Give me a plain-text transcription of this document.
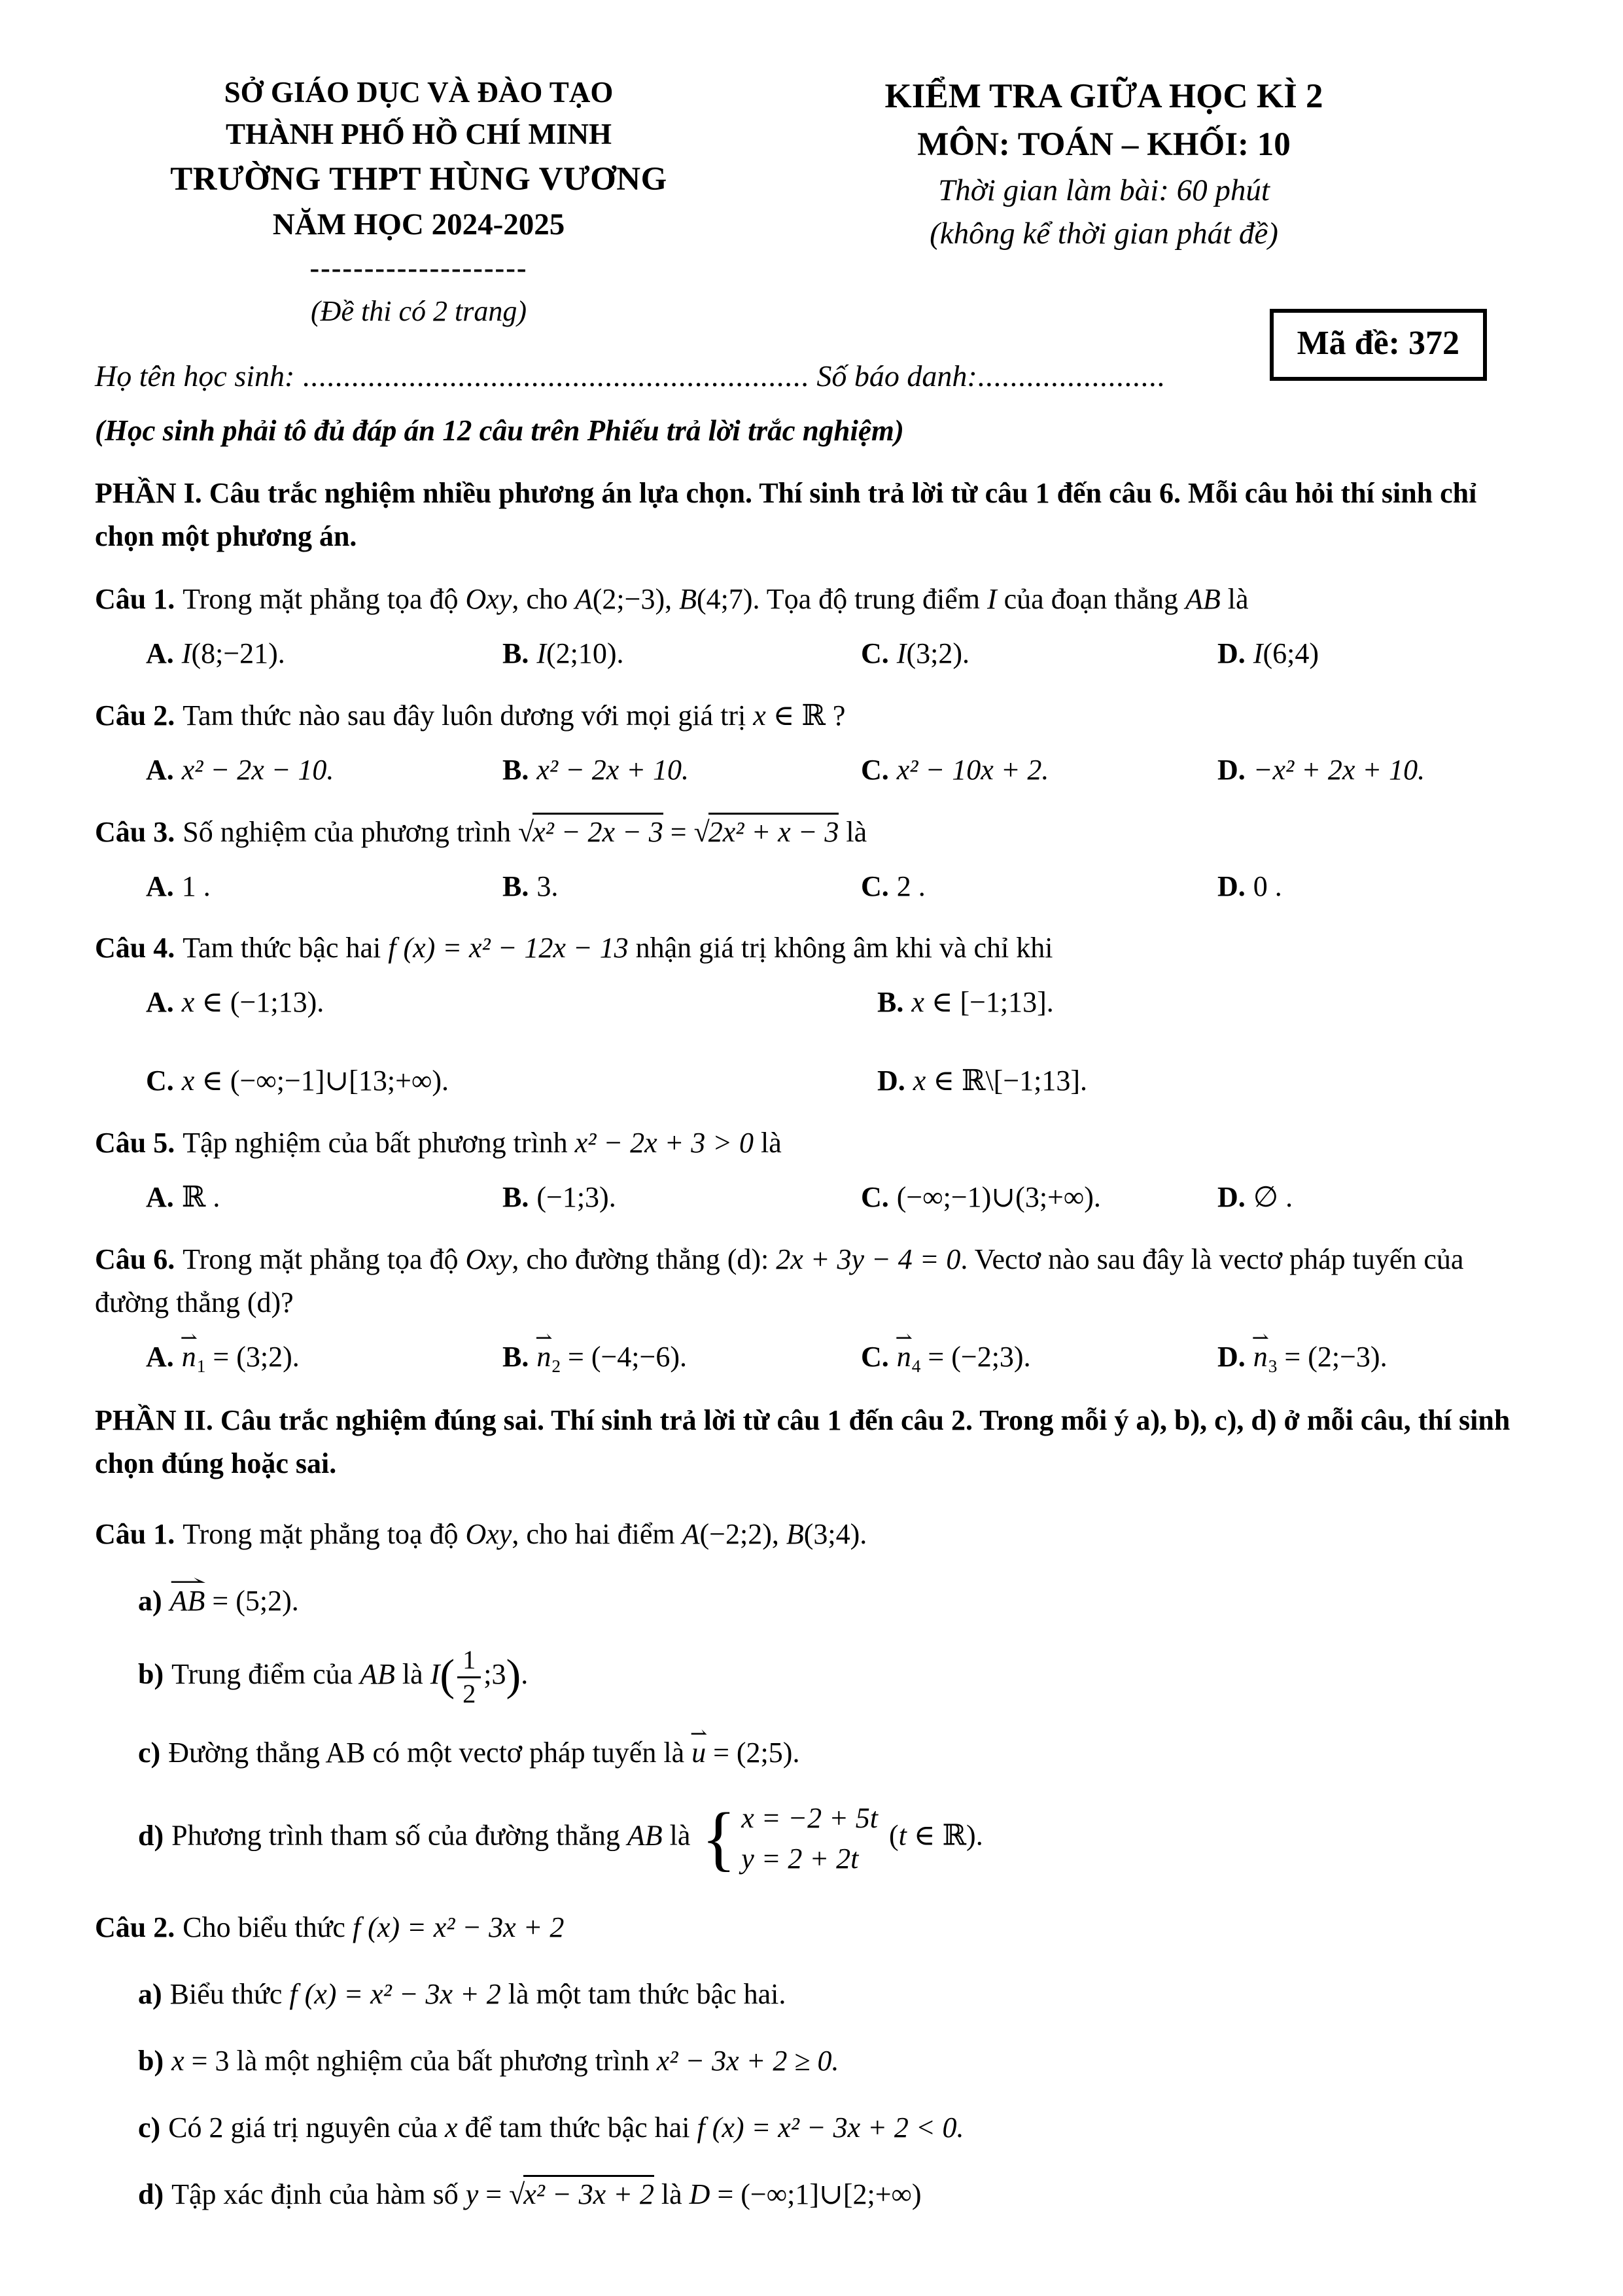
SỞ GIÁO DỤC VÀ ĐÀO TẠO
THÀNH PHỐ HỒ CHÍ MINH
TRƯỜNG THPT HÙNG VƯƠNG
NĂM HỌC 2024-2025
--------------------
(Đề thi có 2 trang)
KIỂM TRA GIỮA HỌC KÌ 2
MÔN: TOÁN – KHỐI: 10
Thời gian làm bài: 60 phút
(không kể thời gian phát đề)
Mã đề: 372
Họ tên học sinh: .............................................................. Số báo danh:.......................
(Học sinh phải tô đủ đáp án 12 câu trên Phiếu trả lời trắc nghiệm)
PHẦN I. Câu trắc nghiệm nhiều phương án lựa chọn. Thí sinh trả lời từ câu 1 đến câu 6. Mỗi câu hỏi thí sinh chỉ chọn một phương án.
Câu 1. Trong mặt phẳng tọa độ Oxy, cho A(2;−3), B(4;7). Tọa độ trung điểm I của đoạn thẳng AB là
A. I(8;−21).	B. I(2;10).	C. I(3;2).	D. I(6;4)
Câu 2. Tam thức nào sau đây luôn dương với mọi giá trị x ∈ ℝ ?
A. x² − 2x − 10.	B. x² − 2x + 10.	C. x² − 10x + 2.	D. −x² + 2x + 10.
Câu 3. Số nghiệm của phương trình √x² − 2x − 3 = √2x² + x − 3 là
A. 1 .	B. 3.	C. 2 .	D. 0 .
Câu 4. Tam thức bậc hai f (x) = x² − 12x − 13 nhận giá trị không âm khi và chỉ khi
A. x ∈ (−1;13).	B. x ∈ [−1;13].
C. x ∈ (−∞;−1]∪[13;+∞).	D. x ∈ ℝ\[−1;13].
Câu 5. Tập nghiệm của bất phương trình x² − 2x + 3 > 0 là
A. ℝ .	B. (−1;3).	C. (−∞;−1)∪(3;+∞).	D. ∅ .
Câu 6. Trong mặt phẳng tọa độ Oxy, cho đường thẳng (d): 2x + 3y − 4 = 0. Vectơ nào sau đây là vectơ pháp tuyến của đường thẳng (d)?
A. n ⇀1 = (3;2).	B. n ⇀2 = (−4;−6).	C. n ⇀4 = (−2;3).	D. n ⇀3 = (2;−3).
PHẦN II. Câu trắc nghiệm đúng sai. Thí sinh trả lời từ câu 1 đến câu 2. Trong mỗi ý a), b), c), d) ở mỗi câu, thí sinh chọn đúng hoặc sai.
Câu 1. Trong mặt phẳng toạ độ Oxy, cho hai điểm A(−2;2), B(3;4).
a) AB ⇀ = (5;2).
b) Trung điểm của AB là $I( \frac{1}{2}$ ;3).
c) Đường thẳng AB có một vectơ pháp tuyến là u ⇀ = (2;5).
d) Phương trình tham số của đường thẳng AB là { x = −2 + 5t
y = 2 + 2t
(t ∈ ℝ).
Câu 2. Cho biểu thức f (x) = x² − 3x + 2
a) Biểu thức f (x) = x² − 3x + 2 là một tam thức bậc hai.
b) x = 3 là một nghiệm của bất phương trình x² − 3x + 2 ≥ 0.
c) Có 2 giá trị nguyên của x để tam thức bậc hai f (x) = x² − 3x + 2 < 0.
d) Tập xác định của hàm số y = √x² − 3x + 2 là D = (−∞;1]∪[2;+∞)
